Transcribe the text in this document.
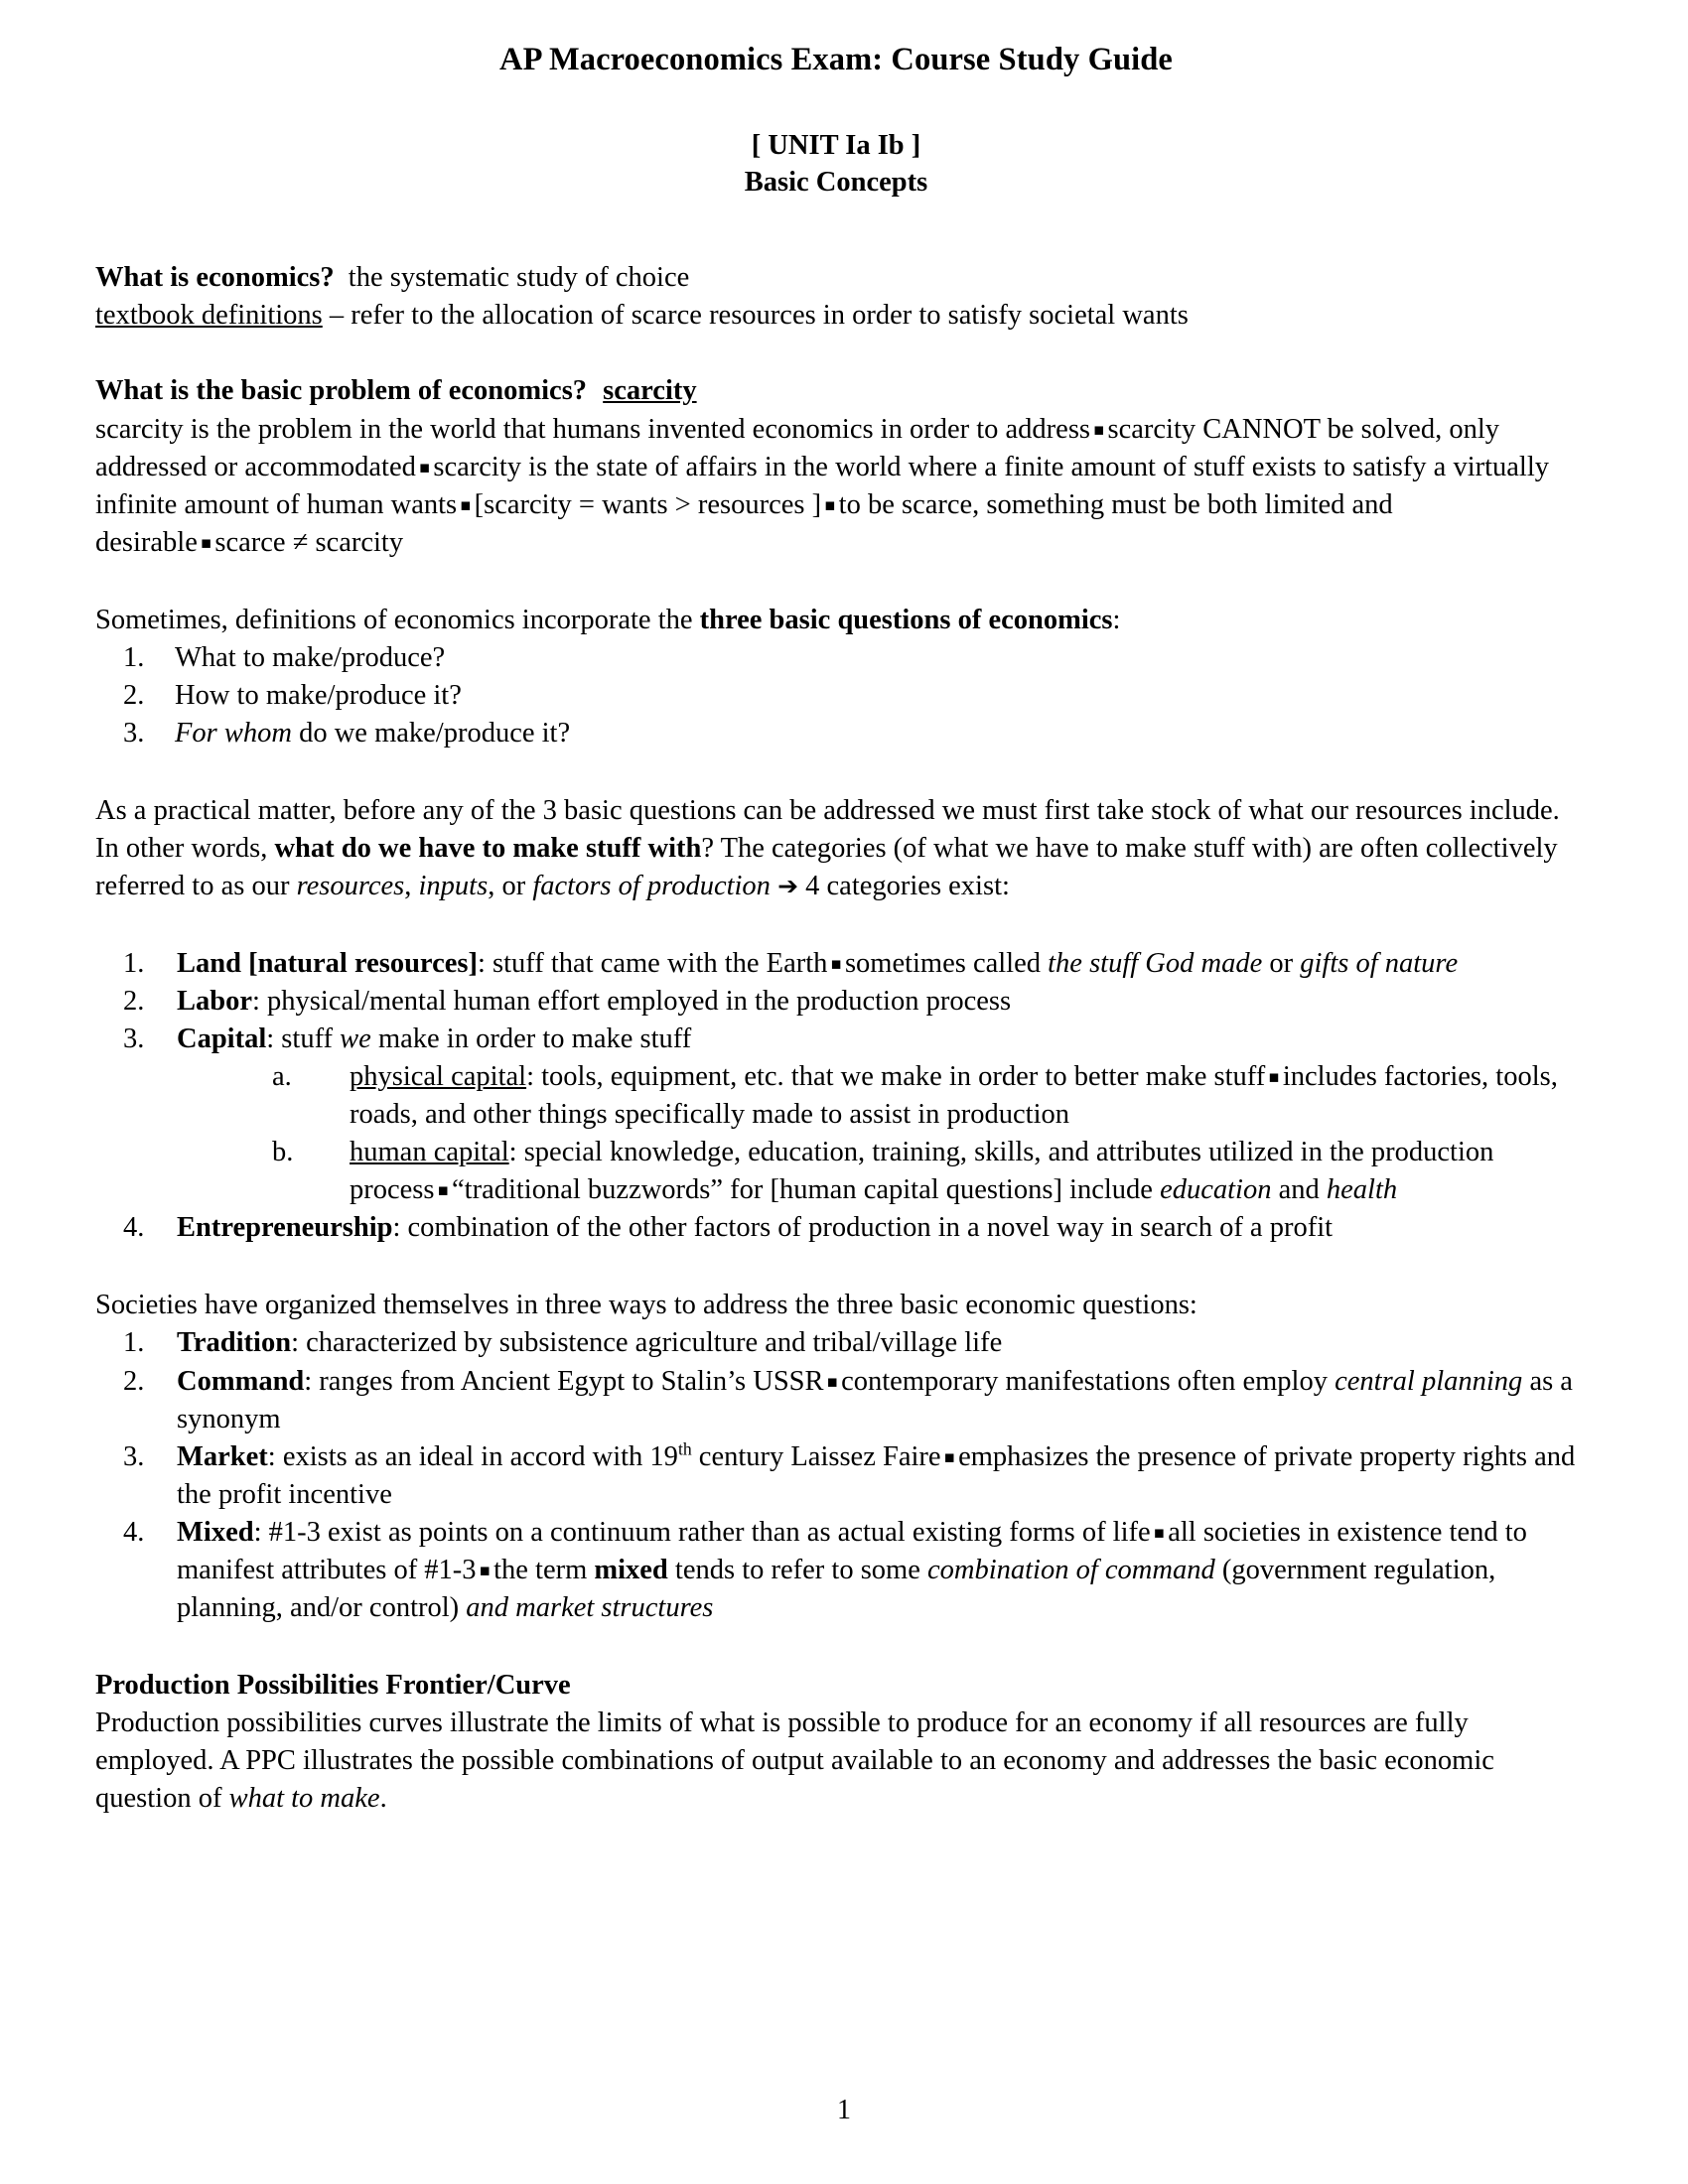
AP Macroeconomics Exam: Course Study Guide
[ UNIT Ia Ib ]
Basic Concepts

What is economics? the systematic study of choice

textbook definitions – refer to the allocation of scarce resources in order to satisfy societal wants

What is the basic problem of economics? scarcity

scarcity is the problem in the world that humans invented economics in order to address ▪ scarcity CANNOT be solved, only addressed or accommodated ▪ scarcity is the state of affairs in the world where a finite amount of stuff exists to satisfy a virtually infinite amount of human wants ▪ [scarcity = wants > resources ] ▪ to be scarce, something must be both limited and desirable ▪ scarce ≠ scarcity

Sometimes, definitions of economics incorporate the three basic questions of economics:

1.	What to make/produce?
2.	How to make/produce it?
3.	For whom do we make/produce it?

As a practical matter, before any of the 3 basic questions can be addressed we must first take stock of what our resources include. In other words, what do we have to make stuff with? The categories (of what we have to make stuff with) are often collectively referred to as our resources, inputs, or factors of production ➔ 4 categories exist:

1.	Land [natural resources]: stuff that came with the Earth ▪ sometimes called the stuff God made or gifts of nature
2.	Labor: physical/mental human effort employed in the production process
3.	Capital: stuff we make in order to make stuff
a.	physical capital: tools, equipment, etc. that we make in order to better make stuff ▪ includes factories, tools, roads, and other things specifically made to assist in production
b.	human capital: special knowledge, education, training, skills, and attributes utilized in the production process ▪ “traditional buzzwords” for [human capital questions] include education and health
4.	Entrepreneurship: combination of the other factors of production in a novel way in search of a profit

Societies have organized themselves in three ways to address the three basic economic questions:

1.	Tradition: characterized by subsistence agriculture and tribal/village life
2.	Command: ranges from Ancient Egypt to Stalin’s USSR ▪ contemporary manifestations often employ central planning as a synonym
3.	Market: exists as an ideal in accord with 19th century Laissez Faire ▪ emphasizes the presence of private property rights and the profit incentive
4.	Mixed: #1-3 exist as points on a continuum rather than as actual existing forms of life ▪ all societies in existence tend to manifest attributes of #1-3 ▪ the term mixed tends to refer to some combination of command (government regulation, planning, and/or control) and market structures

Production Possibilities Frontier/Curve

Production possibilities curves illustrate the limits of what is possible to produce for an economy if all resources are fully employed. A PPC illustrates the possible combinations of output available to an economy and addresses the basic economic question of what to make.

1
